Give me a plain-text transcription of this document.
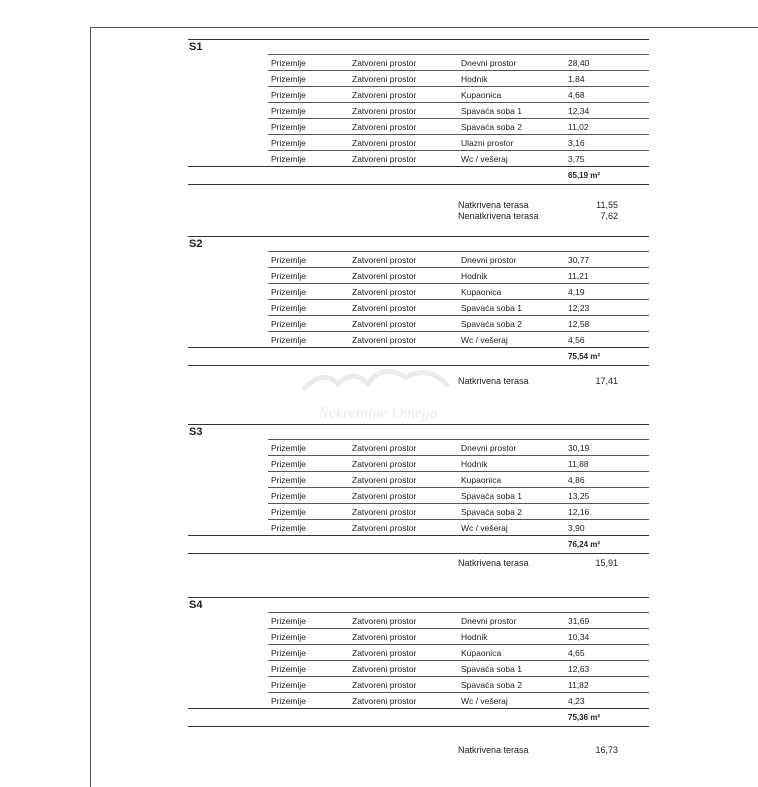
S1
Prizemlje	Zatvoreni prostor	Dnevni prostor	28,40
Prizemlje	Zatvoreni prostor	Hodnik	1,84
Prizemlje	Zatvoreni prostor	Kupaonica	4,68
Prizemlje	Zatvoreni prostor	Spavaća soba 1	12,34
Prizemlje	Zatvoreni prostor	Spavaća soba 2	11,02
Prizemlje	Zatvoreni prostor	Ulazni prostor	3,16
Prizemlje	Zatvoreni prostor	Wc / vešeraj	3,75
65,19 m²
Natkrivena terasa	11,55
Nenatkrivena terasa	7,62
S2
Prizemlje	Zatvoreni prostor	Dnevni prostor	30,77
Prizemlje	Zatvoreni prostor	Hodnik	11,21
Prizemlje	Zatvoreni prostor	Kupaonica	4,19
Prizemlje	Zatvoreni prostor	Spavaća soba 1	12,23
Prizemlje	Zatvoreni prostor	Spavaća soba 2	12,58
Prizemlje	Zatvoreni prostor	Wc / vešeraj	4,56
75,54 m²
Natkrivena terasa	17,41
S3
Prizemlje	Zatvoreni prostor	Dnevni prostor	30,19
Prizemlje	Zatvoreni prostor	Hodnik	11,88
Prizemlje	Zatvoreni prostor	Kupaonica	4,86
Prizemlje	Zatvoreni prostor	Spavaća soba 1	13,25
Prizemlje	Zatvoreni prostor	Spavaća soba 2	12,16
Prizemlje	Zatvoreni prostor	Wc / vešeraj	3,90
76,24 m²
Natkrivena terasa	15,91
S4
Prizemlje	Zatvoreni prostor	Dnevni prostor	31,69
Prizemlje	Zatvoreni prostor	Hodnik	10,34
Prizemlje	Zatvoreni prostor	Kupaonica	4,65
Prizemlje	Zatvoreni prostor	Spavaća soba 1	12,63
Prizemlje	Zatvoreni prostor	Spavaća soba 2	11,82
Prizemlje	Zatvoreni prostor	Wc / vešeraj	4,23
75,36 m²
Natkrivena terasa	16,73
Nekretnine Omega
